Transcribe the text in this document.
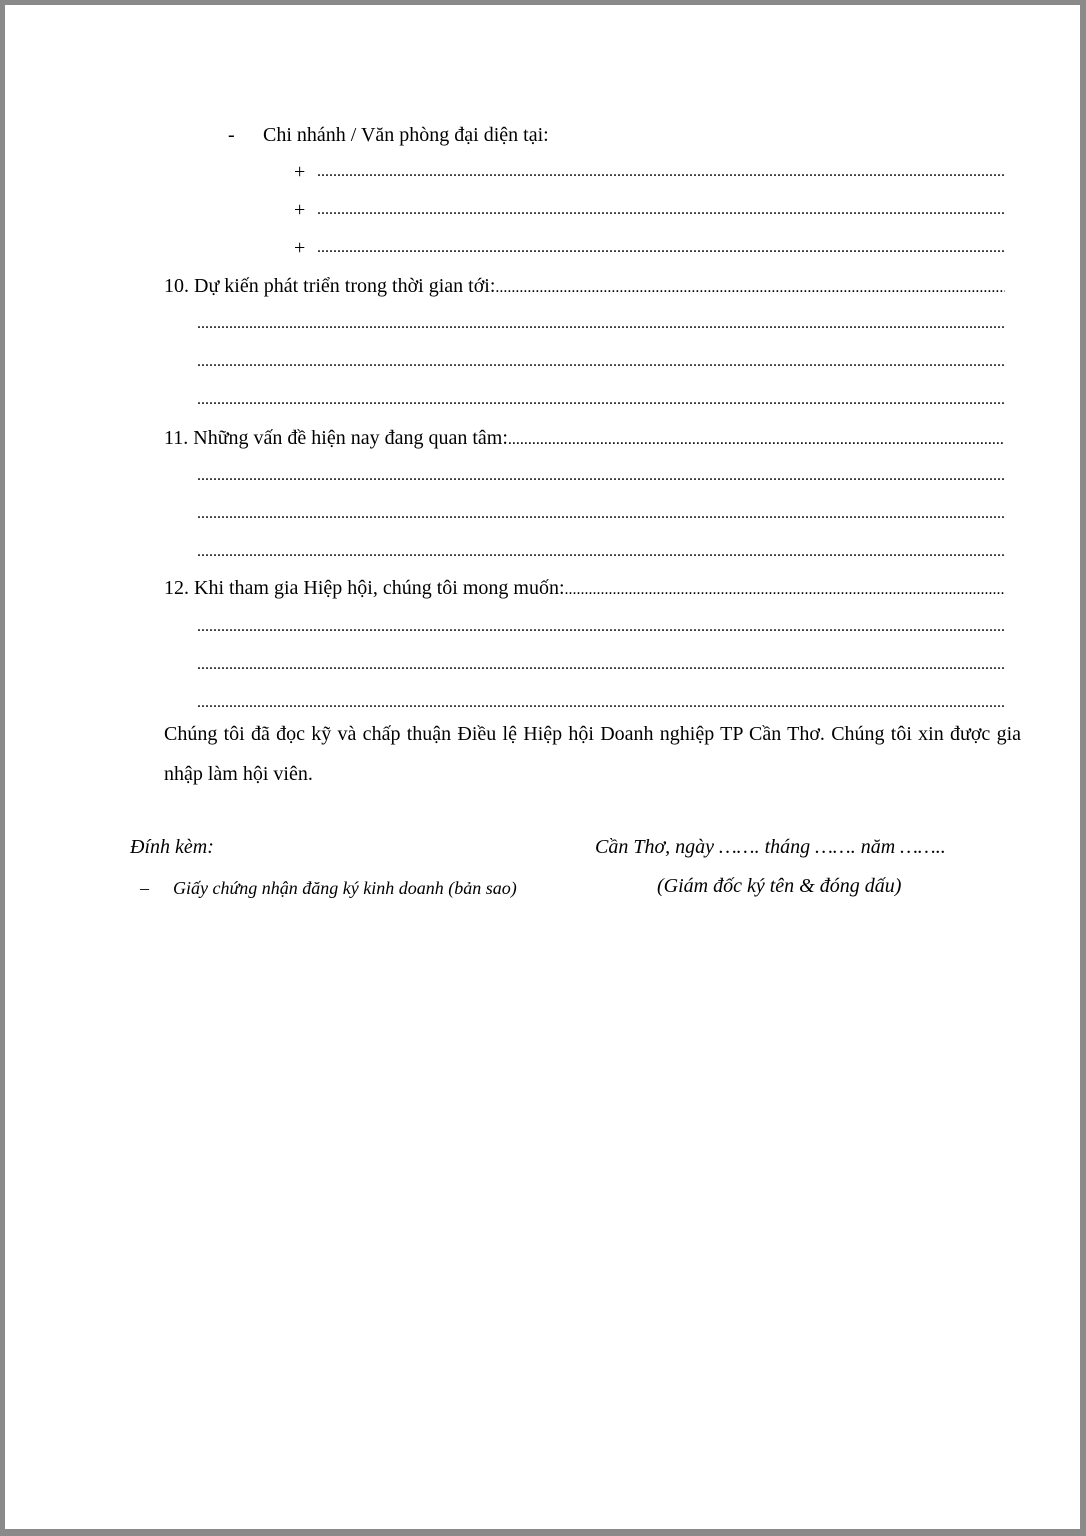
- Chi nhánh / Văn phòng đại diện tại:
+
.....
+
.....
+
.....
10. Dự kiến phát triển trong thời gian tới:
.....
.....
.....
.....
11. Những vấn đề hiện nay đang quan tâm:
.....
.....
.....
.....
12. Khi tham gia Hiệp hội, chúng tôi mong muốn:
.....
.....
.....
.....
Chúng tôi đã đọc kỹ và chấp thuận Điều lệ Hiệp hội Doanh nghiệp TP Cần Thơ. Chúng tôi xin được gia nhập làm hội viên.
Đính kèm:
– Giấy chứng nhận đăng ký kinh doanh (bản sao)
Cần Thơ, ngày ……. tháng ……. năm ……..
(Giám đốc ký tên & đóng dấu)
